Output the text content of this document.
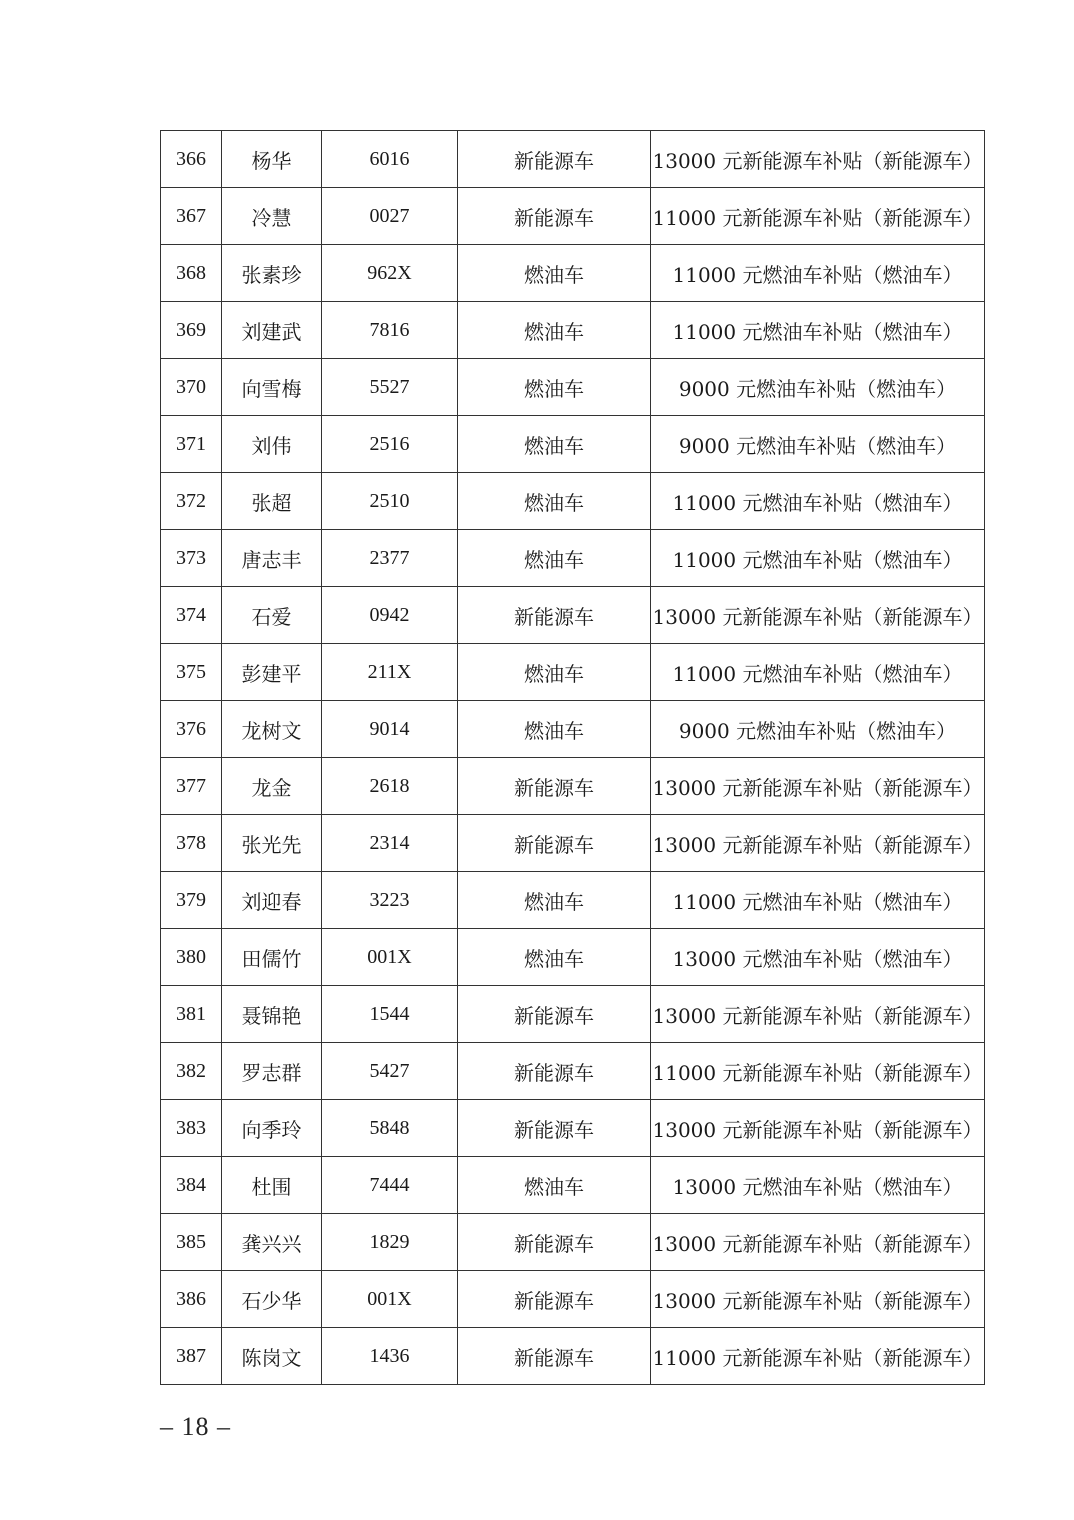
366	杨华	6016	新能源车	13000 元新能源车补贴（新能源车）
367	冷慧	0027	新能源车	11000 元新能源车补贴（新能源车）
368	张素珍	962X	燃油车	11000 元燃油车补贴（燃油车）
369	刘建武	7816	燃油车	11000 元燃油车补贴（燃油车）
370	向雪梅	5527	燃油车	9000 元燃油车补贴（燃油车）
371	刘伟	2516	燃油车	9000 元燃油车补贴（燃油车）
372	张超	2510	燃油车	11000 元燃油车补贴（燃油车）
373	唐志丰	2377	燃油车	11000 元燃油车补贴（燃油车）
374	石爱	0942	新能源车	13000 元新能源车补贴（新能源车）
375	彭建平	211X	燃油车	11000 元燃油车补贴（燃油车）
376	龙树文	9014	燃油车	9000 元燃油车补贴（燃油车）
377	龙金	2618	新能源车	13000 元新能源车补贴（新能源车）
378	张光先	2314	新能源车	13000 元新能源车补贴（新能源车）
379	刘迎春	3223	燃油车	11000 元燃油车补贴（燃油车）
380	田儒竹	001X	燃油车	13000 元燃油车补贴（燃油车）
381	聂锦艳	1544	新能源车	13000 元新能源车补贴（新能源车）
382	罗志群	5427	新能源车	11000 元新能源车补贴（新能源车）
383	向季玲	5848	新能源车	13000 元新能源车补贴（新能源车）
384	杜围	7444	燃油车	13000 元燃油车补贴（燃油车）
385	龚兴兴	1829	新能源车	13000 元新能源车补贴（新能源车）
386	石少华	001X	新能源车	13000 元新能源车补贴（新能源车）
387	陈岗文	1436	新能源车	11000 元新能源车补贴（新能源车）
– 18 –
